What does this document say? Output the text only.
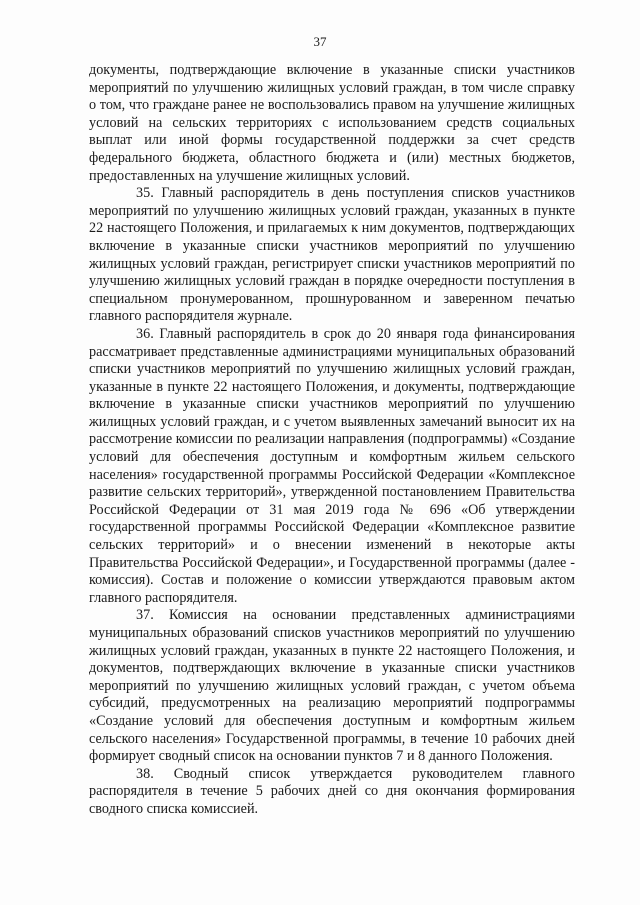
37

документы, подтверждающие включение в указанные списки участников мероприятий по улучшению жилищных условий граждан, в том числе справку о том, что граждане ранее не воспользовались правом на улучшение жилищных условий на сельских территориях с использованием средств социальных выплат или иной формы государственной поддержки за счет средств федерального бюджета, областного бюджета и (или) местных бюджетов, предоставленных на улучшение жилищных условий.

35. Главный распорядитель в день поступления списков участников мероприятий по улучшению жилищных условий граждан, указанных в пункте 22 настоящего Положения, и прилагаемых к ним документов, подтверждающих включение в указанные списки участников мероприятий по улучшению жилищных условий граждан, регистрирует списки участников мероприятий по улучшению жилищных условий граждан в порядке очередности поступления в специальном пронумерованном, прошнурованном и заверенном печатью главного распорядителя журнале.

36. Главный распорядитель в срок до 20 января года финансирования рассматривает представленные администрациями муниципальных образований списки участников мероприятий по улучшению жилищных условий граждан, указанные в пункте 22 настоящего Положения, и документы, подтверждающие включение в указанные списки участников мероприятий по улучшению жилищных условий граждан, и с учетом выявленных замечаний выносит их на рассмотрение комиссии по реализации направления (подпрограммы) «Создание условий для обеспечения доступным и комфортным жильем сельского населения» государственной программы Российской Федерации «Комплексное развитие сельских территорий», утвержденной постановлением Правительства Российской Федерации от 31 мая 2019 года № 696 «Об утверждении государственной программы Российской Федерации «Комплексное развитие сельских территорий» и о внесении изменений в некоторые акты Правительства Российской Федерации», и Государственной программы (далее - комиссия). Состав и положение о комиссии утверждаются правовым актом главного распорядителя.

37. Комиссия на основании представленных администрациями муниципальных образований списков участников мероприятий по улучшению жилищных условий граждан, указанных в пункте 22 настоящего Положения, и документов, подтверждающих включение в указанные списки участников мероприятий по улучшению жилищных условий граждан, с учетом объема субсидий, предусмотренных на реализацию мероприятий подпрограммы «Создание условий для обеспечения доступным и комфортным жильем сельского населения» Государственной программы, в течение 10 рабочих дней формирует сводный список на основании пунктов 7 и 8 данного Положения.

38. Сводный список утверждается руководителем главного распорядителя в течение 5 рабочих дней со дня окончания формирования сводного списка комиссией.
